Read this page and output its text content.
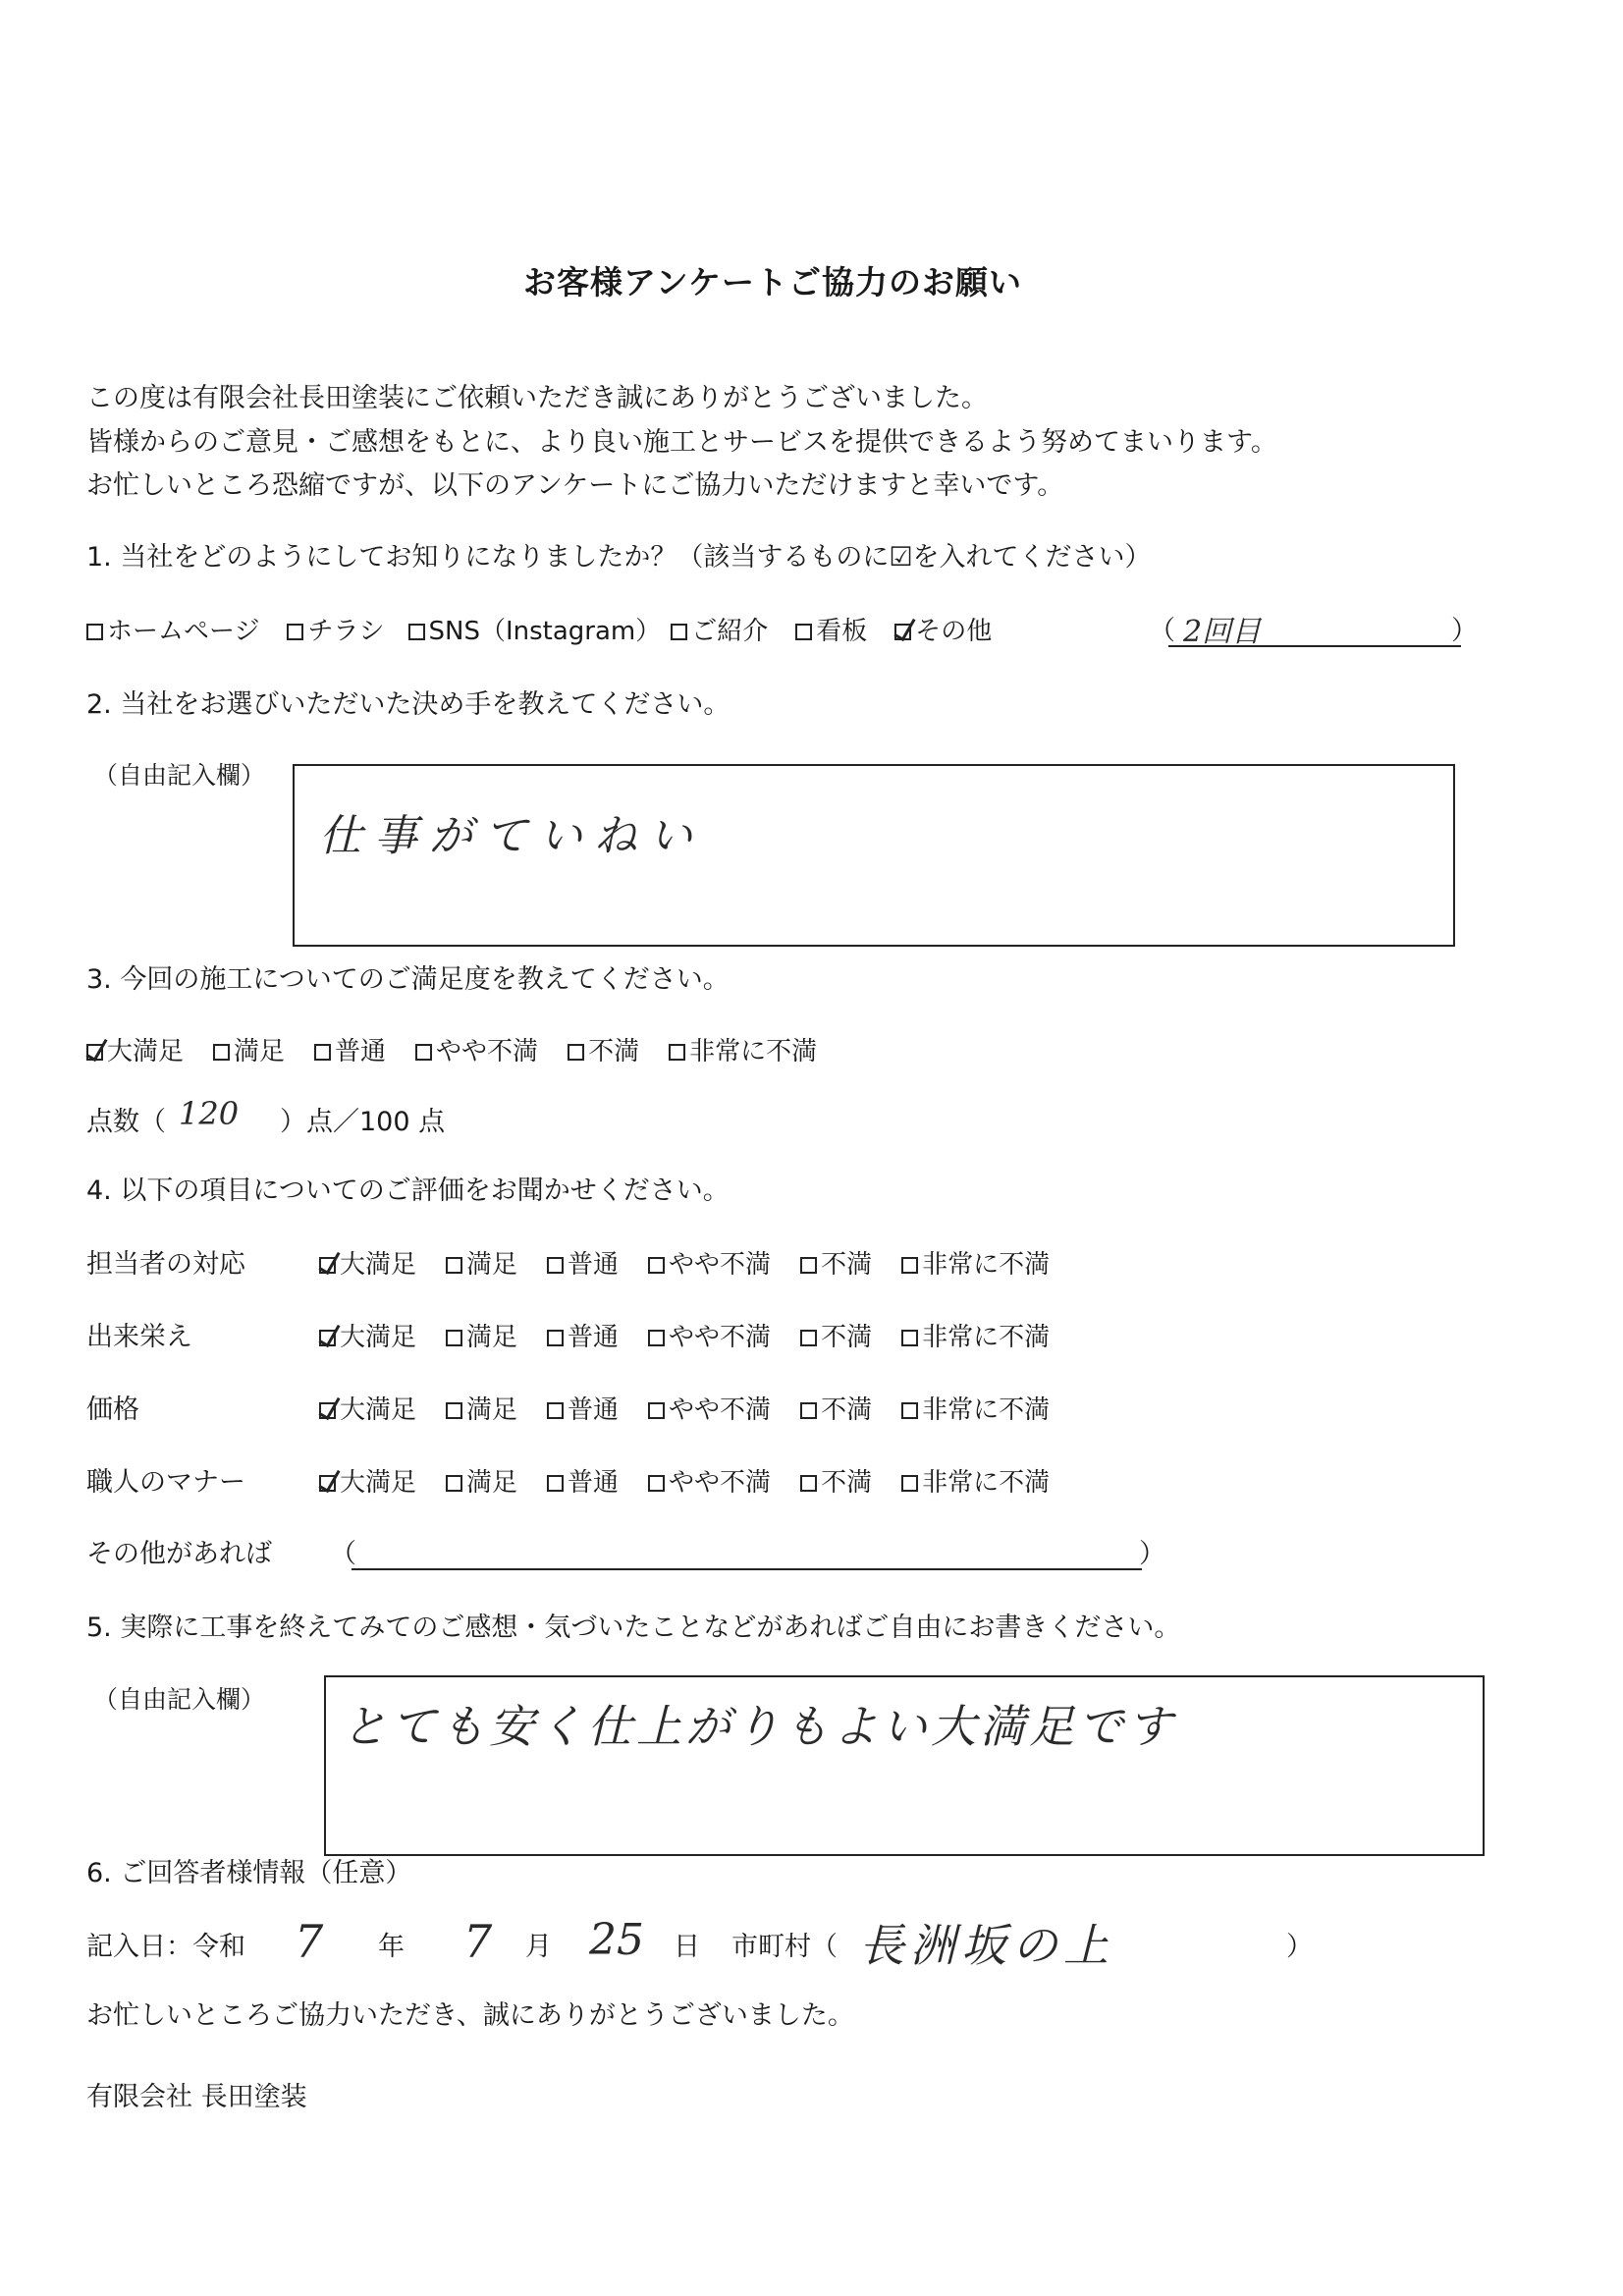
お客様アンケートご協力のお願い
この度は有限会社長田塗装にご依頼いただき誠にありがとうございました。
皆様からのご意見・ご感想をもとに、より良い施工とサービスを提供できるよう努めてまいります。
お忙しいところ恐縮ですが、以下のアンケートにご協力いただけますと幸いです。
1. 当社をどのようにしてお知りになりましたか？（該当するものに☑を入れてください）
ホームページ チラシ SNS（Instagram） ご紹介 看板 その他	（ 2回目	）
2. 当社をお選びいただいた決め手を教えてください。
（自由記入欄）
仕事がていねい
3. 今回の施工についてのご満足度を教えてください。
大満足 満足 普通 やや不満 不満 非常に不満
点数（ 120 ）点／100 点
4. 以下の項目についてのご評価をお聞かせください。
担当者の対応	大満足 満足 普通 やや不満 不満 非常に不満
出来栄え	大満足 満足 普通 やや不満 不満 非常に不満
価格	大満足 満足 普通 やや不満 不満 非常に不満
職人のマナー	大満足 満足 普通 やや不満 不満 非常に不満
その他があれば （	）
5. 実際に工事を終えてみてのご感想・気づいたことなどがあればご自由にお書きください。
（自由記入欄）
とても安く仕上がりもよい大満足です
6. ご回答者様情報（任意）
記入日：令和 7 年 7 月 25 日 市町村（ 長洲坂の上	）
お忙しいところご協力いただき、誠にありがとうございました。
有限会社 長田塗装
